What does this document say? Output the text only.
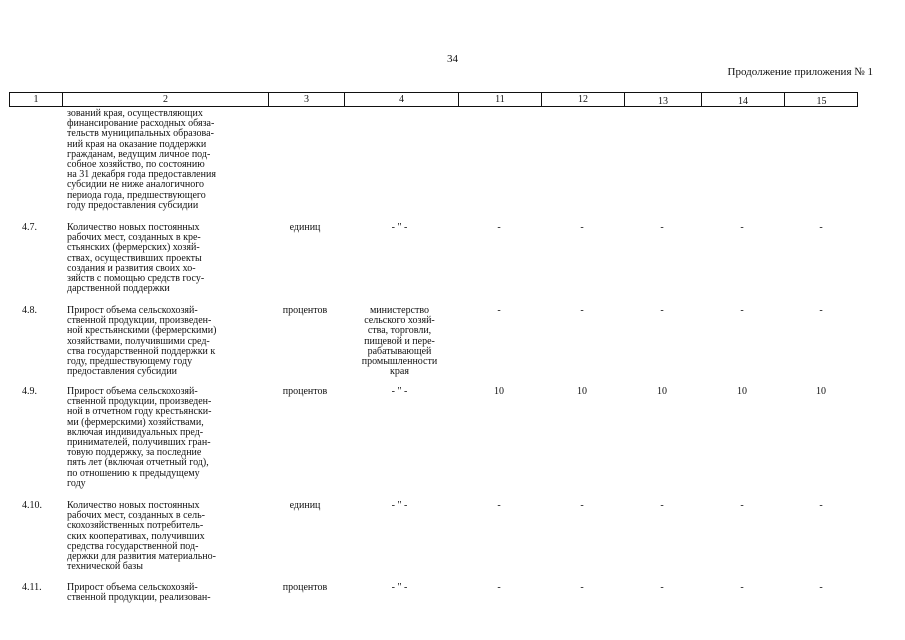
34
Продолжение приложения № 1
1	2	3	4	11	12	13	14	15
зований края, осуществляющих
финансирование расходных обяза-
тельств муниципальных образова-
ний края на оказание поддержки
гражданам, ведущим личное под-
собное хозяйство, по состоянию
на 31 декабря года предоставления
субсидии не ниже аналогичного
периода года, предшествующего
году предоставления субсидии
4.7.	Количество новых постоянных
рабочих мест, созданных в кре-
стьянских (фермерских) хозяй-
ствах, осуществивших проекты
создания и развития своих хо-
зяйств с помощью средств госу-
дарственной поддержки
единиц	- " -	-	-	-	-	-
4.8.	Прирост объема сельскохозяй-
ственной продукции, произведен-
ной крестьянскими (фермерскими)
хозяйствами, получившими сред-
ства государственной поддержки к
году, предшествующему году
предоставления субсидии
процентов	министерство
сельского хозяй-
ства, торговли,
пищевой и пере-
рабатывающей
промышленности
края
-	-	-	-	-
4.9.	Прирост объема сельскохозяй-
ственной продукции, произведен-
ной в отчетном году крестьянски-
ми (фермерскими) хозяйствами,
включая индивидуальных пред-
принимателей, получивших гран-
товую поддержку, за последние
пять лет (включая отчетный год),
по отношению к предыдущему
году
процентов	- " -	10	10	10	10	10
4.10.	Количество новых постоянных
рабочих мест, созданных в сель-
скохозяйственных потребитель-
ских кооперативах, получивших
средства государственной под-
держки для развития материально-
технической базы
единиц	- " -	-	-	-	-	-
4.11.	Прирост объема сельскохозяй-
ственной продукции, реализован-
процентов	- " -	-	-	-	-	-
